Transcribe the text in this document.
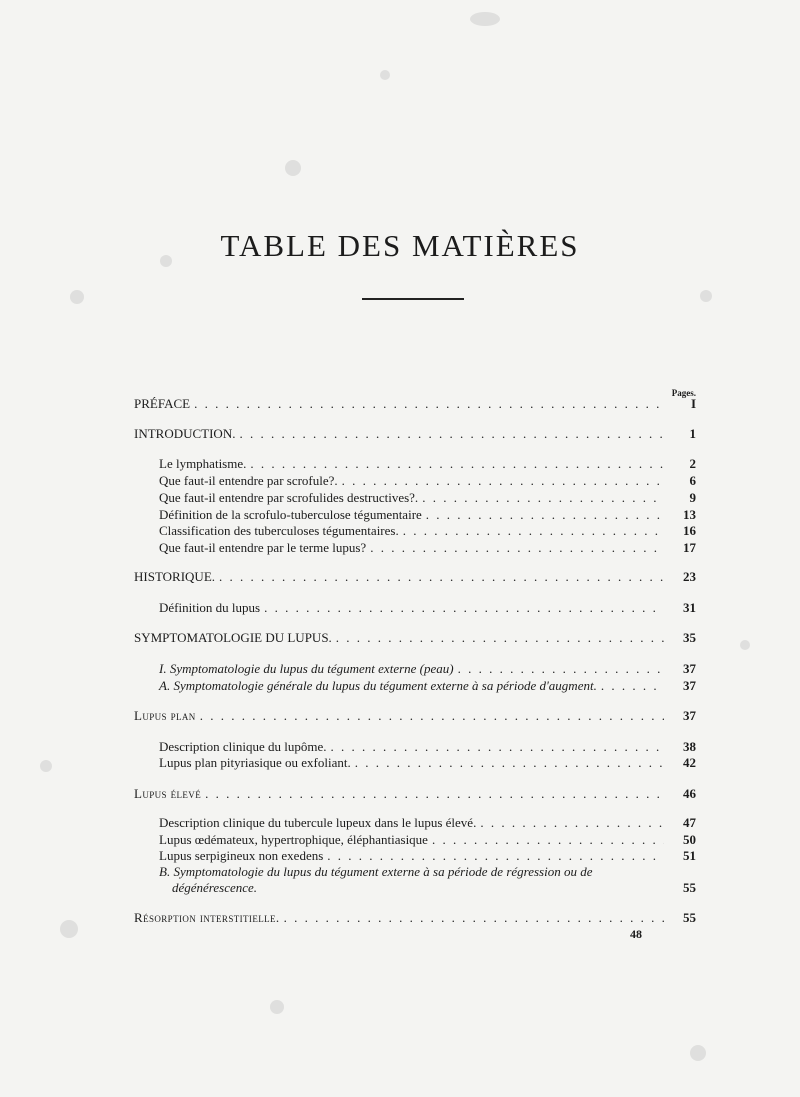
TABLE DES MATIÈRES
Pages.
PRÉFACE . . .	I
INTRODUCTION. . . .	1
Le lymphatisme. . . .	2
Que faut-il entendre par scrofule?. . . .	6
Que faut-il entendre par scrofulides destructives?. . . .	9
Définition de la scrofulo-tuberculose tégumentaire . . .	13
Classification des tuberculoses tégumentaires. . . .	16
Que faut-il entendre par le terme lupus? . . .	17
HISTORIQUE. . . .	23
Définition du lupus . . .	31
SYMPTOMATOLOGIE DU LUPUS. . . .	35
I. Symptomatologie du lupus du tégument externe (peau) . . .	37
A. Symptomatologie générale du lupus du tégument externe à sa période d'augment. . . .	37
Lupus plan . . .	37
Description clinique du lupôme. . . .	38
Lupus plan pityriasique ou exfoliant. . . .	42
Lupus élevé . . .	46
Description clinique du tubercule lupeux dans le lupus élevé. . . .	47
Lupus œdémateux, hypertrophique, éléphantiasique . . .	50
Lupus serpigineux non exedens . . .	51
B. Symptomatologie du lupus du tégument externe à sa période de régression ou de
dégénérescence.	55
Résorption interstitielle. . . .	55
48
